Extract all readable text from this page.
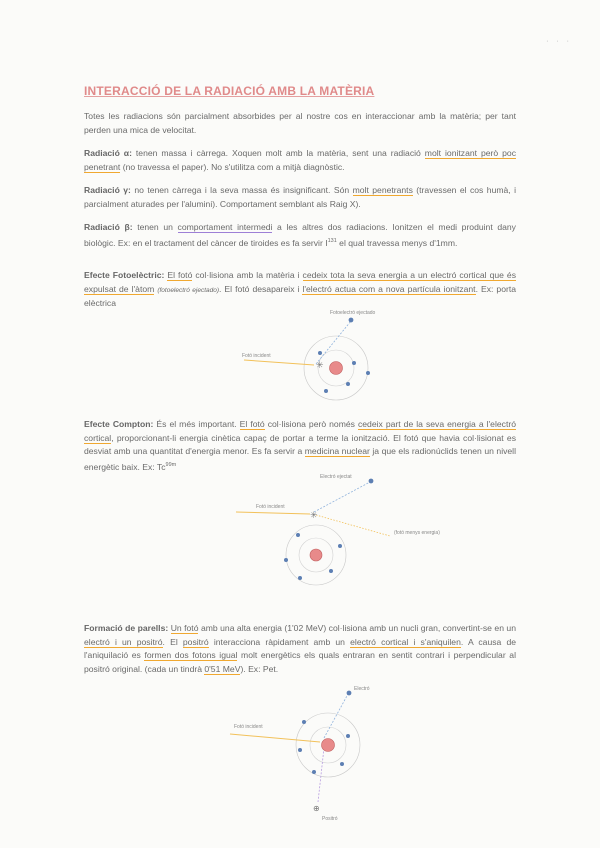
· · ·
INTERACCIÓ DE LA RADIACIÓ AMB LA MATÈRIA
Totes les radiacions són parcialment absorbides per al nostre cos en interaccionar amb la matèria; per tant perden una mica de velocitat.
Radiació α: tenen massa i càrrega. Xoquen molt amb la matèria, sent una radiació molt ionitzant però poc penetrant (no travessa el paper). No s'utilitza com a mitjà diagnòstic.
Radiació γ: no tenen càrrega i la seva massa és insignificant. Són molt penetrants (travessen el cos humà, i parcialment aturades per l'alumini). Comportament semblant als Raig X).
Radiació β: tenen un comportament intermedi a les altres dos radiacions. Ionitzen el medi produint dany biològic. Ex: en el tractament del càncer de tiroides es fa servir $I^{131}$ el qual travessa menys d'1mm.
Efecte Fotoelèctric: El fotó col·lisiona amb la matèria i cedeix tota la seva energia a un electró cortical que és expulsat de l'àtom (fotoelectró ejectado). El fotó desapareix i l'electró actua com a nova partícula ionitzant. Ex: porta elèctrica
✳
Fotoelectró ejectado
Fotó incident
Efecte Compton: És el més important. El fotó col·lisiona però només cedeix part de la seva energia a l'electró cortical, proporcionant-li energia cinètica capaç de portar a terme la ionització. El fotó que havia col·lisionat es desviat amb una quantitat d'energia menor. Es fa servir a medicina nuclear ja que els radionúclids tenen un nivell energètic baix. Ex: $Tc^{99m}$
✳
Electró ejectat
Fotó incident
(fotó menys energia)
Formació de parells: Un fotó amb una alta energia (1'02 MeV) col·lisiona amb un nucli gran, convertint-se en un electró i un positró. El positró interacciona ràpidament amb un electró cortical i s'aniquilen. A causa de l'aniquilació es formen dos fotons igual molt energètics els quals entraran en sentit contrari i perpendicular al positró original. (cada un tindrà 0'51 MeV). Ex: Pet.
⊕
Electró
Fotó incident
Positró
